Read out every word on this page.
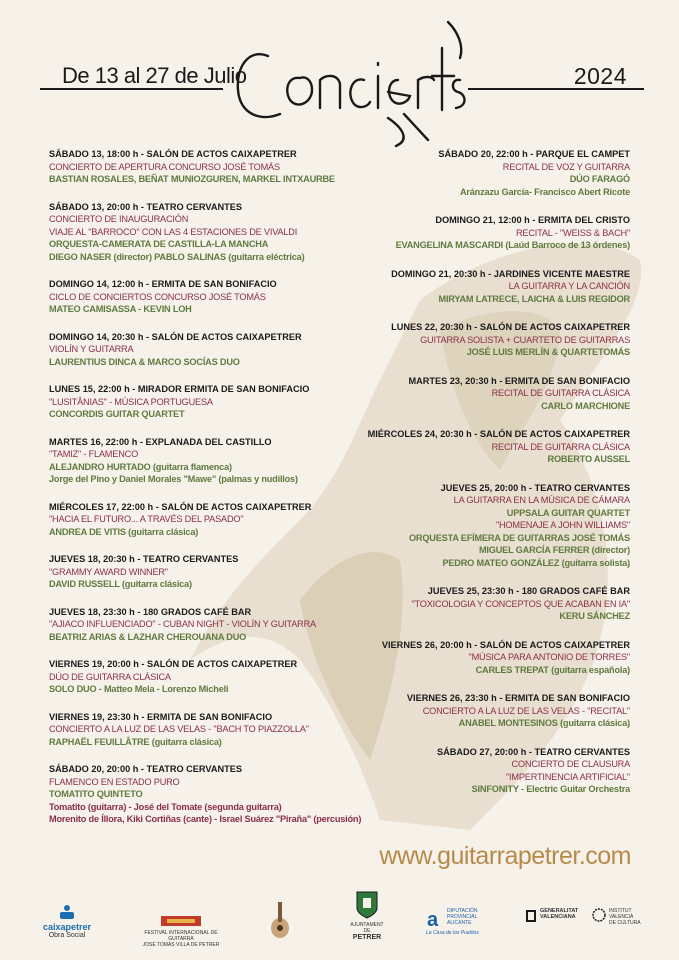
De 13 al 27 de Julio	2024
SÁBADO 13, 18:00 h - SALÓN DE ACTOS CAIXAPETRER
CONCIERTO DE APERTURA CONCURSO JOSÉ TOMÁS
BASTIAN ROSALES, BEÑAT MUNIOZGUREN, MARKEL INTXAURBE
SÁBADO 13, 20:00 h - TEATRO CERVANTES
CONCIERTO DE INAUGURACIÓN
VIAJE AL "BARROCO" CON LAS 4 ESTACIONES DE VIVALDI
ORQUESTA-CAMERATA DE CASTILLA-LA MANCHA
DIEGO NASER (director) PABLO SALINAS (guitarra eléctrica)
DOMINGO 14, 12:00 h - ERMITA DE SAN BONIFACIO
CICLO DE CONCIERTOS CONCURSO JOSÉ TOMÁS
MATEO CAMISASSA - KEVIN LOH
DOMINGO 14, 20:30 h - SALÓN DE ACTOS CAIXAPETRER
VIOLÍN Y GUITARRA
LAURENTIUS DINCA & MARCO SOCÍAS DUO
LUNES 15, 22:00 h - MIRADOR ERMITA DE SAN BONIFACIO
"LUSITÂNIAS" - MÚSICA PORTUGUESA
CONCORDIS GUITAR QUARTET
MARTES 16, 22:00 h - EXPLANADA DEL CASTILLO
"TAMIZ" - FLAMENCO
ALEJANDRO HURTADO (guitarra flamenca)
Jorge del Pino y Daniel Morales "Mawe" (palmas y nudillos)
MIÉRCOLES 17, 22:00 h - SALÓN DE ACTOS CAIXAPETRER
"HACIA EL FUTURO... A TRAVÉS DEL PASADO"
ANDREA DE VITIS (guitarra clásica)
JUEVES 18, 20:30 h - TEATRO CERVANTES
"GRAMMY AWARD WINNER"
DAVID RUSSELL (guitarra clásica)
JUEVES 18, 23:30 h - 180 GRADOS CAFÉ BAR
"AJIACO INFLUENCIADO" - CUBAN NIGHT - VIOLÍN Y GUITARRA
BEATRIZ ARIAS & LAZHAR CHEROUANA DUO
VIERNES 19, 20:00 h - SALÓN DE ACTOS CAIXAPETRER
DÚO DE GUITARRA CLÁSICA
SOLO DUO - Matteo Mela - Lorenzo Micheli
VIERNES 19, 23:30 h - ERMITA DE SAN BONIFACIO
CONCIERTO A LA LUZ DE LAS VELAS - "BACH TO PIAZZOLLA"
RAPHAËL FEUILLÂTRE (guitarra clásica)
SÁBADO 20, 20:00 h - TEATRO CERVANTES
FLAMENCO EN ESTADO PURO
TOMATITO QUINTETO
Tomatito (guitarra) - José del Tomate (segunda guitarra)
Morenito de Íllora, Kiki Cortiñas (cante) - Israel Suárez "Piraña" (percusión)
SÁBADO 20, 22:00 h - PARQUE EL CAMPET
RECITAL DE VOZ Y GUITARRA
DÚO FARAGÓ
Aránzazu García- Francisco Abert Ricote
DOMINGO 21, 12:00 h - ERMITA DEL CRISTO
RECITAL - "WEISS & BACH"
EVANGELINA MASCARDI (Laúd Barroco de 13 órdenes)
DOMINGO 21, 20:30 h - JARDINES VICENTE MAESTRE
LA GUITARRA Y LA CANCIÓN
MIRYAM LATRECE, LAICHA & LUIS REGIDOR
LUNES 22, 20:30 h - SALÓN DE ACTOS CAIXAPETRER
GUITARRA SOLISTA + CUARTETO DE GUITARRAS
JOSÉ LUIS MERLÍN & QUARTETOMÁS
MARTES 23, 20:30 h - ERMITA DE SAN BONIFACIO
RECITAL DE GUITARRA CLÁSICA
CARLO MARCHIONE
MIÉRCOLES 24, 20:30 h - SALÓN DE ACTOS CAIXAPETRER
RECITAL DE GUITARRA CLÁSICA
ROBERTO AUSSEL
JUEVES 25, 20:00 h - TEATRO CERVANTES
LA GUITARRA EN LA MÚSICA DE CÁMARA
UPPSALA GUITAR QUARTET
"HOMENAJE A JOHN WILLIAMS"
ORQUESTA EFÍMERA DE GUITARRAS JOSÉ TOMÁS
MIGUEL GARCÍA FERRER (director)
PEDRO MATEO GONZÁLEZ (guitarra solista)
JUEVES 25, 23:30 h - 180 GRADOS CAFÉ BAR
"TOXICOLOGIA Y CONCEPTOS QUE ACABAN EN IA"
KERU SÁNCHEZ
VIERNES 26, 20:00 h - SALÓN DE ACTOS CAIXAPETRER
"MÚSICA PARA ANTONIO DE TORRES"
CARLES TREPAT (guitarra española)
VIERNES 26, 23:30 h - ERMITA DE SAN BONIFACIO
CONCIERTO A LA LUZ DE LAS VELAS - "RECITAL"
ANABEL MONTESINOS (guitarra clásica)
SÁBADO 27, 20:00 h - TEATRO CERVANTES
CONCIERTO DE CLAUSURA
"IMPERTINENCIA ARTIFICIAL"
SINFONITY - Electric Guitar Orchestra
www.guitarrapetrer.com
caixapetrer
Obra Social	FESTIVAL INTERNACIONAL DE GUITARRA
JOSÉ TOMÁS VILLA DE PETRER

AJUNTAMENT DE
PETRER
a	DIPUTACIÓN
PROVINCIAL
ALICANTE
La Casa de los Pueblos
GENERALITAT
VALENCIANA
INSTITUT
VALENCIÀ
DE CULTURA
